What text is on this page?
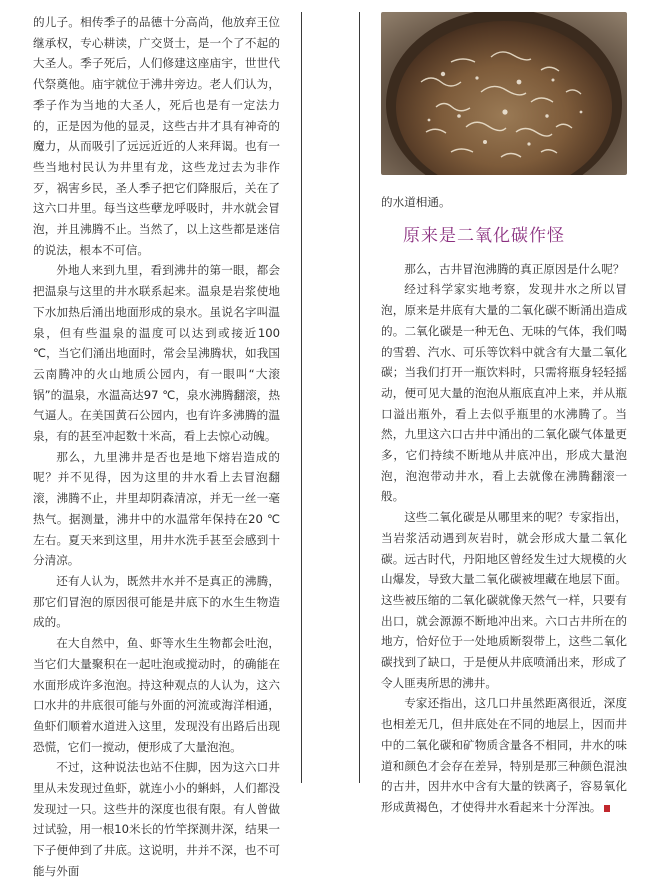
的儿子。相传季子的品德十分高尚，他放弃王位继承权，专心耕读，广交贤士，是一个了不起的大圣人。季子死后，人们修建这座庙宇，世世代代祭奠他。庙宇就位于沸井旁边。老人们认为，季子作为当地的大圣人，死后也是有一定法力的，正是因为他的显灵，这些古井才具有神奇的魔力，从而吸引了远远近近的人来拜谒。也有一些当地村民认为井里有龙，这些龙过去为非作歹，祸害乡民，圣人季子把它们降服后，关在了这六口井里。每当这些孽龙呼吸时，井水就会冒泡，并且沸腾不止。当然了，以上这些都是迷信的说法，根本不可信。

外地人来到九里，看到沸井的第一眼，都会把温泉与这里的井水联系起来。温泉是岩浆使地下水加热后涌出地面形成的泉水。虽说名字叫温泉，但有些温泉的温度可以达到或接近100 ℃，当它们涌出地面时，常会呈沸腾状，如我国云南腾冲的火山地质公园内，有一眼叫“大滚锅”的温泉，水温高达97 ℃，泉水沸腾翻滚，热气逼人。在美国黄石公园内，也有许多沸腾的温泉，有的甚至冲起数十米高，看上去惊心动魄。

那么，九里沸井是否也是地下熔岩造成的呢？并不见得，因为这里的井水看上去冒泡翻滚，沸腾不止，井里却阴森清凉，并无一丝一毫热气。据测量，沸井中的水温常年保持在20 ℃左右。夏天来到这里，用井水洗手甚至会感到十分清凉。

还有人认为，既然井水并不是真正的沸腾，那它们冒泡的原因很可能是井底下的水生生物造成的。

在大自然中，鱼、虾等水生生物都会吐泡，当它们大量聚积在一起吐泡或搅动时，的确能在水面形成许多泡泡。持这种观点的人认为，这六口水井的井底很可能与外面的河流或海洋相通，鱼虾们顺着水道进入这里，发现没有出路后出现恐慌，它们一搅动，便形成了大量泡泡。

不过，这种说法也站不住脚，因为这六口井里从未发现过鱼虾，就连小小的蝌蚪，人们都没发现过一只。这些井的深度也很有限。有人曾做过试验，用一根10米长的竹竿探测井深，结果一下子便伸到了井底。这说明，井并不深，也不可能与外面

的水道相通。

原来是二氧化碳作怪

那么，古井冒泡沸腾的真正原因是什么呢？

经过科学家实地考察，发现井水之所以冒泡，原来是井底有大量的二氧化碳不断涌出造成的。二氧化碳是一种无色、无味的气体，我们喝的雪碧、汽水、可乐等饮料中就含有大量二氧化碳；当我们打开一瓶饮料时，只需将瓶身轻轻摇动，便可见大量的泡泡从瓶底直冲上来，并从瓶口溢出瓶外，看上去似乎瓶里的水沸腾了。当然，九里这六口古井中涌出的二氧化碳气体量更多，它们持续不断地从井底冲出，形成大量泡泡，泡泡带动井水，看上去就像在沸腾翻滚一般。

这些二氧化碳是从哪里来的呢？专家指出，当岩浆活动遇到灰岩时，就会形成大量二氧化碳。远古时代，丹阳地区曾经发生过大规模的火山爆发，导致大量二氧化碳被埋藏在地层下面。这些被压缩的二氧化碳就像天然气一样，只要有出口，就会源源不断地冲出来。六口古井所在的地方，恰好位于一处地质断裂带上，这些二氧化碳找到了缺口，于是便从井底喷涌出来，形成了令人匪夷所思的沸井。

专家还指出，这几口井虽然距离很近，深度也相差无几，但井底处在不同的地层上，因而井中的二氧化碳和矿物质含量各不相同，井水的味道和颜色才会存在差异，特别是那三种颜色混浊的古井，因井水中含有大量的铁离子，容易氧化形成黄褐色，才使得井水看起来十分浑浊。
